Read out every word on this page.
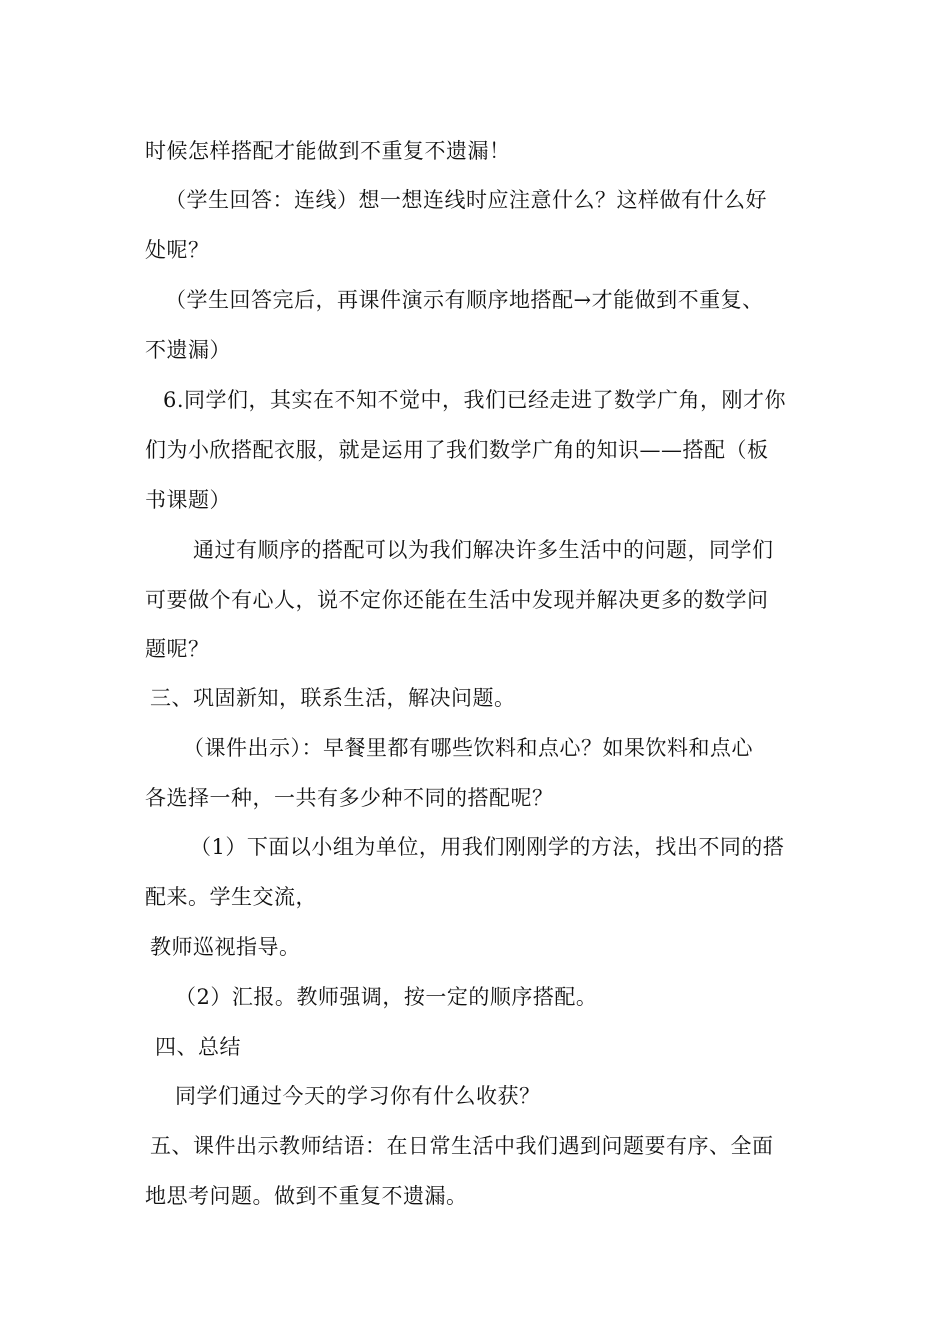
时候怎样搭配才能做到不重复不遗漏！
（学生回答：连线）想一想连线时应注意什么？这样做有什么好
处呢？
（学生回答完后，再课件演示有顺序地搭配→才能做到不重复、
不遗漏）
6.同学们，其实在不知不觉中，我们已经走进了数学广角，刚才你
们为小欣搭配衣服，就是运用了我们数学广角的知识——搭配（板
书课题）
通过有顺序的搭配可以为我们解决许多生活中的问题，同学们
可要做个有心人，说不定你还能在生活中发现并解决更多的数学问
题呢？
三、巩固新知，联系生活，解决问题。
（课件出示）：早餐里都有哪些饮料和点心？如果饮料和点心
各选择一种，一共有多少种不同的搭配呢？
（1）下面以小组为单位，用我们刚刚学的方法，找出不同的搭
配来。学生交流，
教师巡视指导。
（2）汇报。教师强调，按一定的顺序搭配。
四、总结
同学们通过今天的学习你有什么收获？
五、课件出示教师结语：在日常生活中我们遇到问题要有序、全面
地思考问题。做到不重复不遗漏。
